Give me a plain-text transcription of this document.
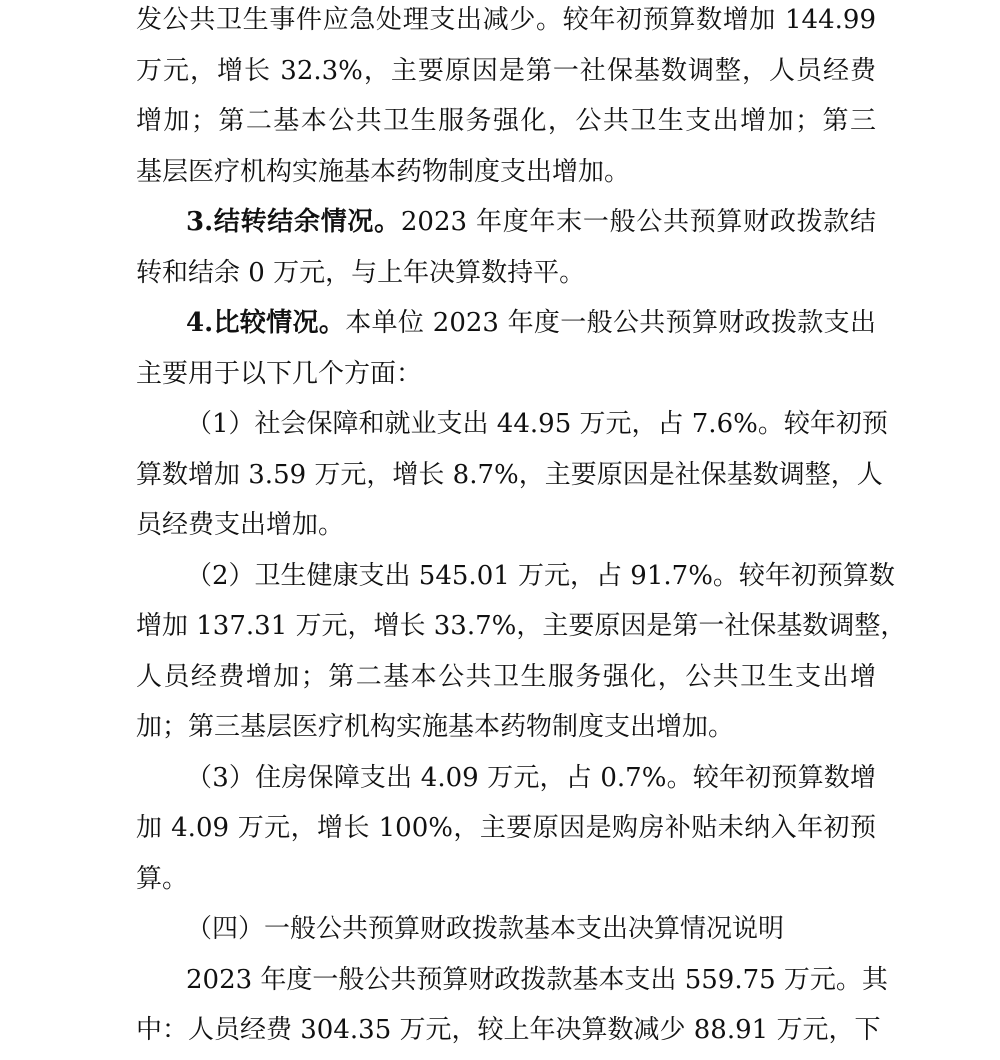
发公共卫生事件应急处理支出减少。较年初预算数增加 144.99
万元，增长 32.3%，主要原因是第一社保基数调整，人员经费
增加；第二基本公共卫生服务强化，公共卫生支出增加；第三
基层医疗机构实施基本药物制度支出增加。
3.结转结余情况。2023 年度年末一般公共预算财政拨款结
转和结余 0 万元，与上年决算数持平。
4.比较情况。本单位 2023 年度一般公共预算财政拨款支出
主要用于以下几个方面：
（1）社会保障和就业支出 44.95 万元，占 7.6%。较年初预
算数增加 3.59 万元，增长 8.7%，主要原因是社保基数调整，人
员经费支出增加。
（2）卫生健康支出 545.01 万元，占 91.7%。较年初预算数
增加 137.31 万元，增长 33.7%，主要原因是第一社保基数调整，
人员经费增加；第二基本公共卫生服务强化，公共卫生支出增
加；第三基层医疗机构实施基本药物制度支出增加。
（3）住房保障支出 4.09 万元，占 0.7%。较年初预算数增
加 4.09 万元，增长 100%，主要原因是购房补贴未纳入年初预
算。
（四）一般公共预算财政拨款基本支出决算情况说明
2023 年度一般公共预算财政拨款基本支出 559.75 万元。其
中：人员经费 304.35 万元，较上年决算数减少 88.91 万元，下
